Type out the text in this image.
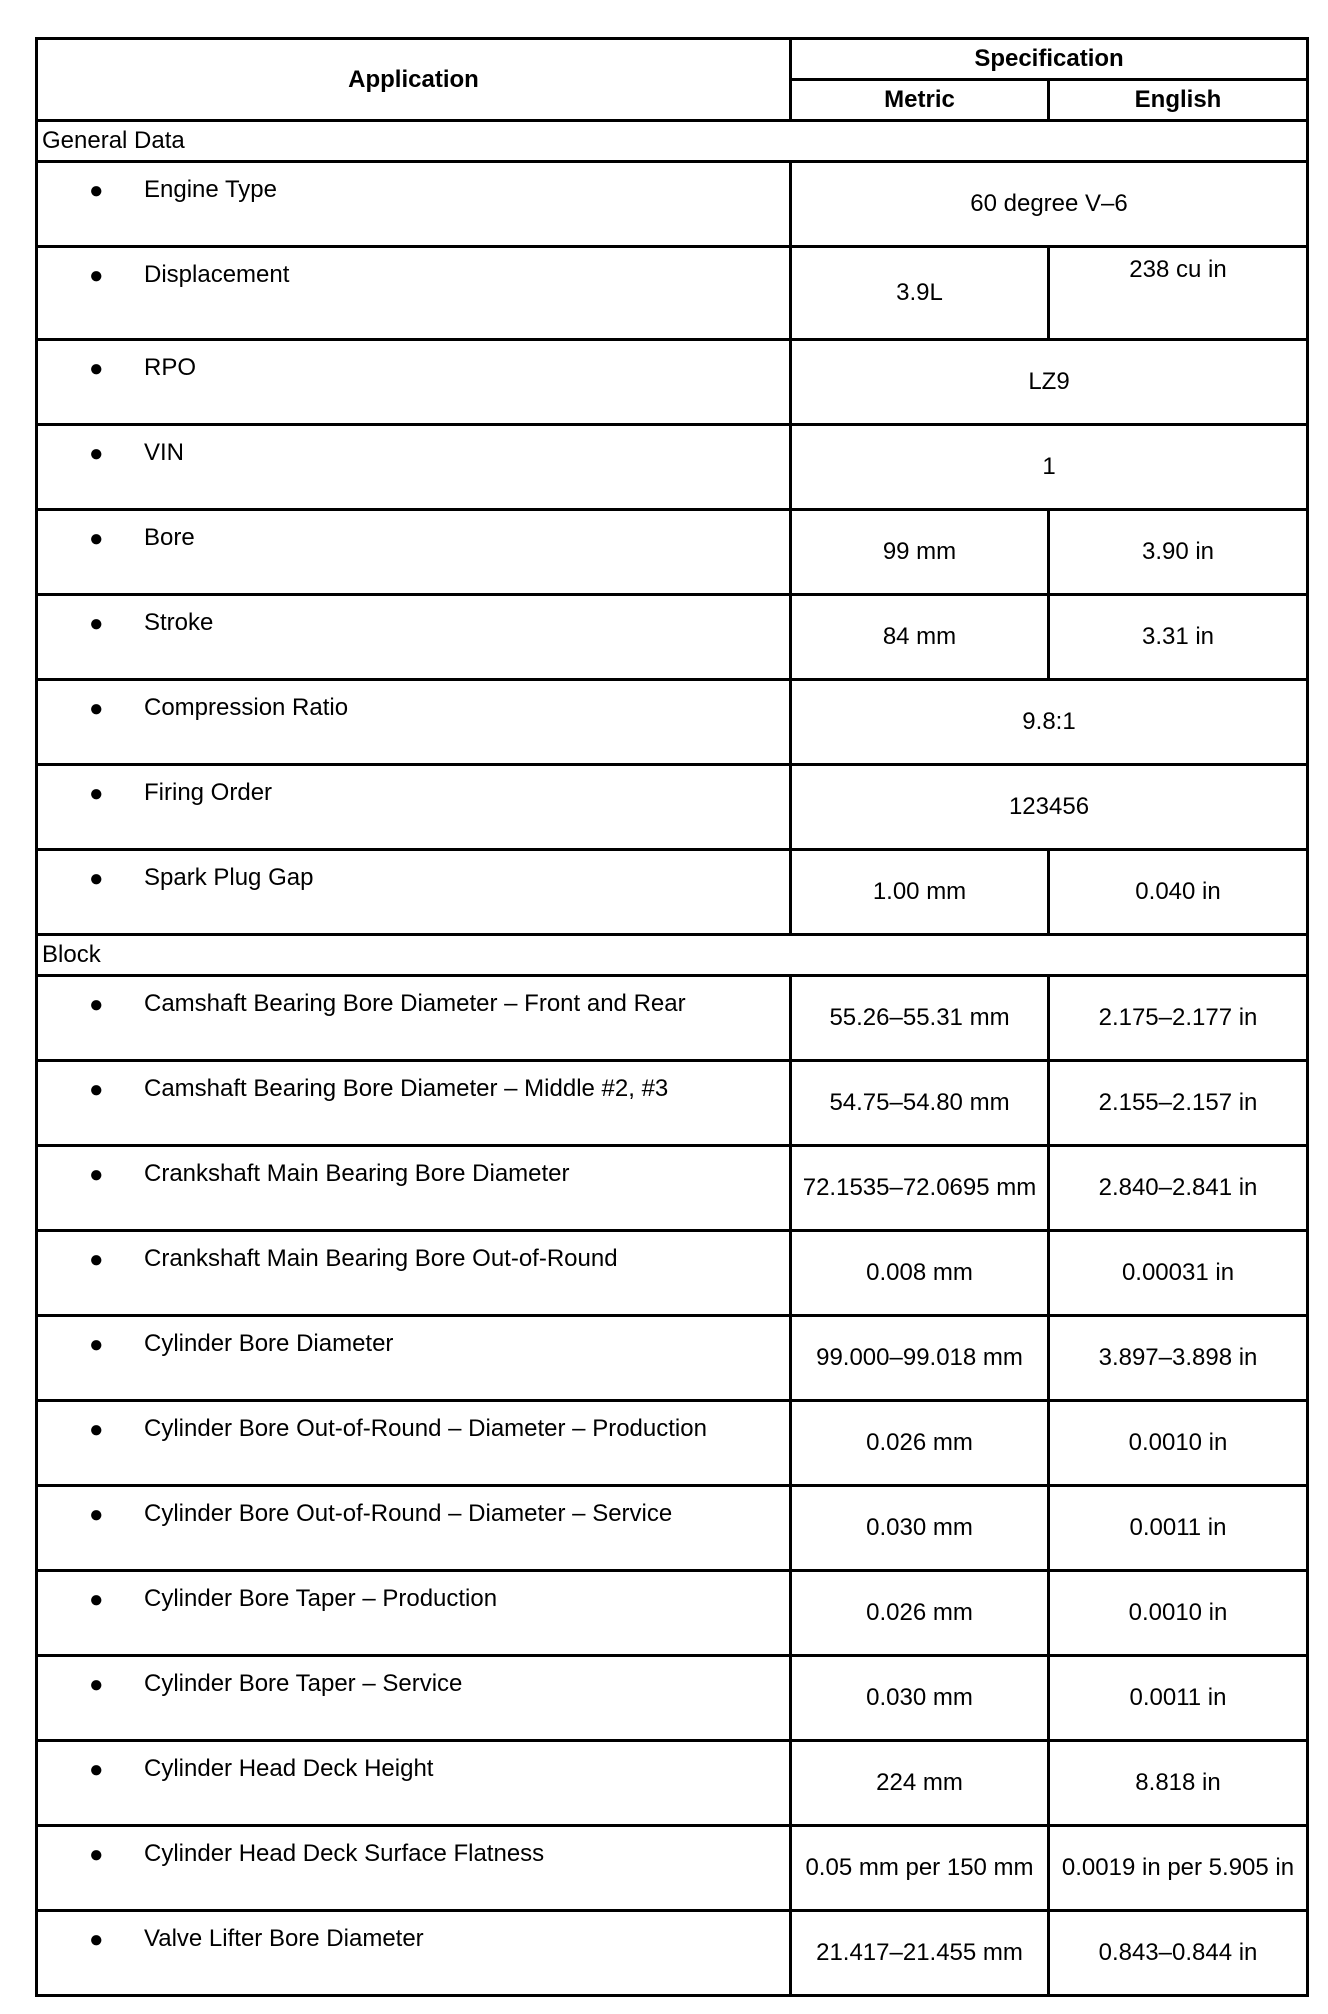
Application	Specification	
	Metric	English
General Data		

● Engine Type	60 degree V–6	

● Displacement	3.9L	238 cu in

● RPO	LZ9	

● VIN	1	

● Bore	99 mm	3.90 in

● Stroke	84 mm	3.31 in

● Compression Ratio	9.8:1	

● Firing Order	123456	

● Spark Plug Gap	1.00 mm	0.040 in
Block		

● Camshaft Bearing Bore Diameter – Front and Rear	55.26–55.31 mm	2.175–2.177 in

● Camshaft Bearing Bore Diameter – Middle #2, #3	54.75–54.80 mm	2.155–2.157 in

● Crankshaft Main Bearing Bore Diameter	72.1535–72.0695 mm	2.840–2.841 in

● Crankshaft Main Bearing Bore Out-of-Round	0.008 mm	0.00031 in

● Cylinder Bore Diameter	99.000–99.018 mm	3.897–3.898 in

● Cylinder Bore Out-of-Round – Diameter – Production	0.026 mm	0.0010 in

● Cylinder Bore Out-of-Round – Diameter – Service	0.030 mm	0.0011 in

● Cylinder Bore Taper – Production	0.026 mm	0.0010 in

● Cylinder Bore Taper – Service	0.030 mm	0.0011 in

● Cylinder Head Deck Height	224 mm	8.818 in

● Cylinder Head Deck Surface Flatness	0.05 mm per 150 mm	0.0019 in per 5.905 in

● Valve Lifter Bore Diameter	21.417–21.455 mm	0.843–0.844 in
